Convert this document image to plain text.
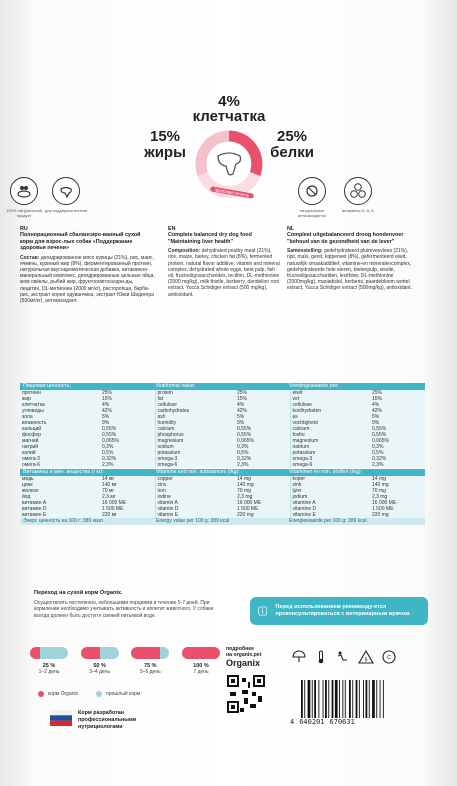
4%
клетчатка
15%
жиры
25%
белки
здоровая печень
100% натуральный продукт
для поддержки печени	натуральные антиоксиданты
витамины D, A, E
RU
Полнорационный сбалансиро-ванный сухой корм для взрос-лых собак «Поддержание здоровья печени»
Состав: дегидрированное мясо курицы (21%), рис, маис, ячмень, куриный жир (8%), ферментированный протеин, натуральная вкусоароматическая добавка, витаминно-минеральный комплекс, дегидрированные цельные яйца, жом свёклы, рыбий жир, фруктоолигосахари-ды, лецитин, DL-метионин (2000 мг/кг), расторопша, барба-рис, экстракт корня одуванчика, экстракт Юкки Шидигера (500мг/кг), антиоксидант.
EN
Complete balanced dry dog food "Maintaining liver health"
Composition: dehydrated poultry meat (21%), rice, maize, barley, chicken fat (8%), fermented protein, natural flavor additive, vitamin and mineral complex, dehydrated whole eggs, beet pulp, fish oil, fructooligosaccharides, lecithin, DL-methionine (2000 mg/kg), milk thistle, berberry, dandelion root extract, Yucca Schidiger extract (500 mg/kg), antioxidant.
NL
Compleet uitgebalanceerd droog hondenvoer "behoud van de gezondheid van de lever"
Samenstelling: gedehydrateerd pluimveevlees (21%), rijst, maïs, gerst, kippenvet (8%), gefermenteerd eiwit, natuurlijk smaakadditief, vitamine-en mineralencomplex, gedehydrateerde hele eieren, bietenpulp, visolie, fructooligosacchariden, lecithine, DL-methionine (2000mg/kg), mariadistel, berberis, paardebloem wortel extract, Yucca Schidiger extract (500mg/kg), antioxidant.
Пищевая ценность:	Nutritional value:	Voedingswaarde per:
протеин	25%	protein	25%	eiwit	25%
жир	15%	fat	15%	vet	15%
клетчатка	4%	cellulose	4%	cellulose	4%
углеводы	42%	carbohydrates	42%	koolhydraten	42%
зола	5%	ash	5%	as	5%
влажность	9%	humidity	9%	vochtigheid	9%
кальций	0,55%	calcium	0,55%	calcium	0,55%
фосфор	0,55%	phosphorus	0,55%	fosfor	0,55%
магний	0,065%	magnesium	0,065%	magnesium	0,065%
натрий	0,3%	sodium	0,3%	natrium	0,3%
калий	0,5%	potassium	0,5%	potassium	0,5%
омега-3	0,32%	omega-3	0,32%	omega-3	0,32%
омега-6	2,3%	omega-6	2,3%	omega-6	2,3%
Витамины и мин. вещества (/ кг):	Vitamins and min. substances (/kg):	Vitaminen en min. stoffen (/kg):
медь	14 мг	copper	14 mg	koper	14 mg
цинк	140 мг	zinc	140 mg	zink	140 mg
железо	70 мг	iron	70 mg	ijzer	70 mg
йод	2,3 мг	iodine	2,3 mg	jodium	2,3 mg
витамин А	16 000 МЕ	vitamin A	16 000 ME	vitamine A	16 000 ME
витамин D	1 500 МЕ	vitamin D	1 500 ME	vitamine D	1 500 ME
витамин Е	220 мг	vitamin E	220 mg	vitamine E	220 mg
Энерг. ценность на 100 г: 389 ккал	Energy value per 100 g: 389 kcal	Energiewaarde per 100 g: 389 kcal
Переход на сухой корм Organix.
Осуществлять постепенно, небольшими порциями в течение 5-7 дней. При кормлении необходимо учитывать активность и аппетит животного. У собаки всегда должен быть доступ к свежей питьевой воде.
25 %
1–2 день
50 %
3–4 день
75 %
5–6 день
100 %
7 день
корм Organix	прошлый корм
Корм разработан профессиональными нутрициологами
Перед использованием рекоменду-ется проконсультироваться с ветеринарным врачом.
подробнее
на organix.pet
Organix	5	C
4 640201 670631
